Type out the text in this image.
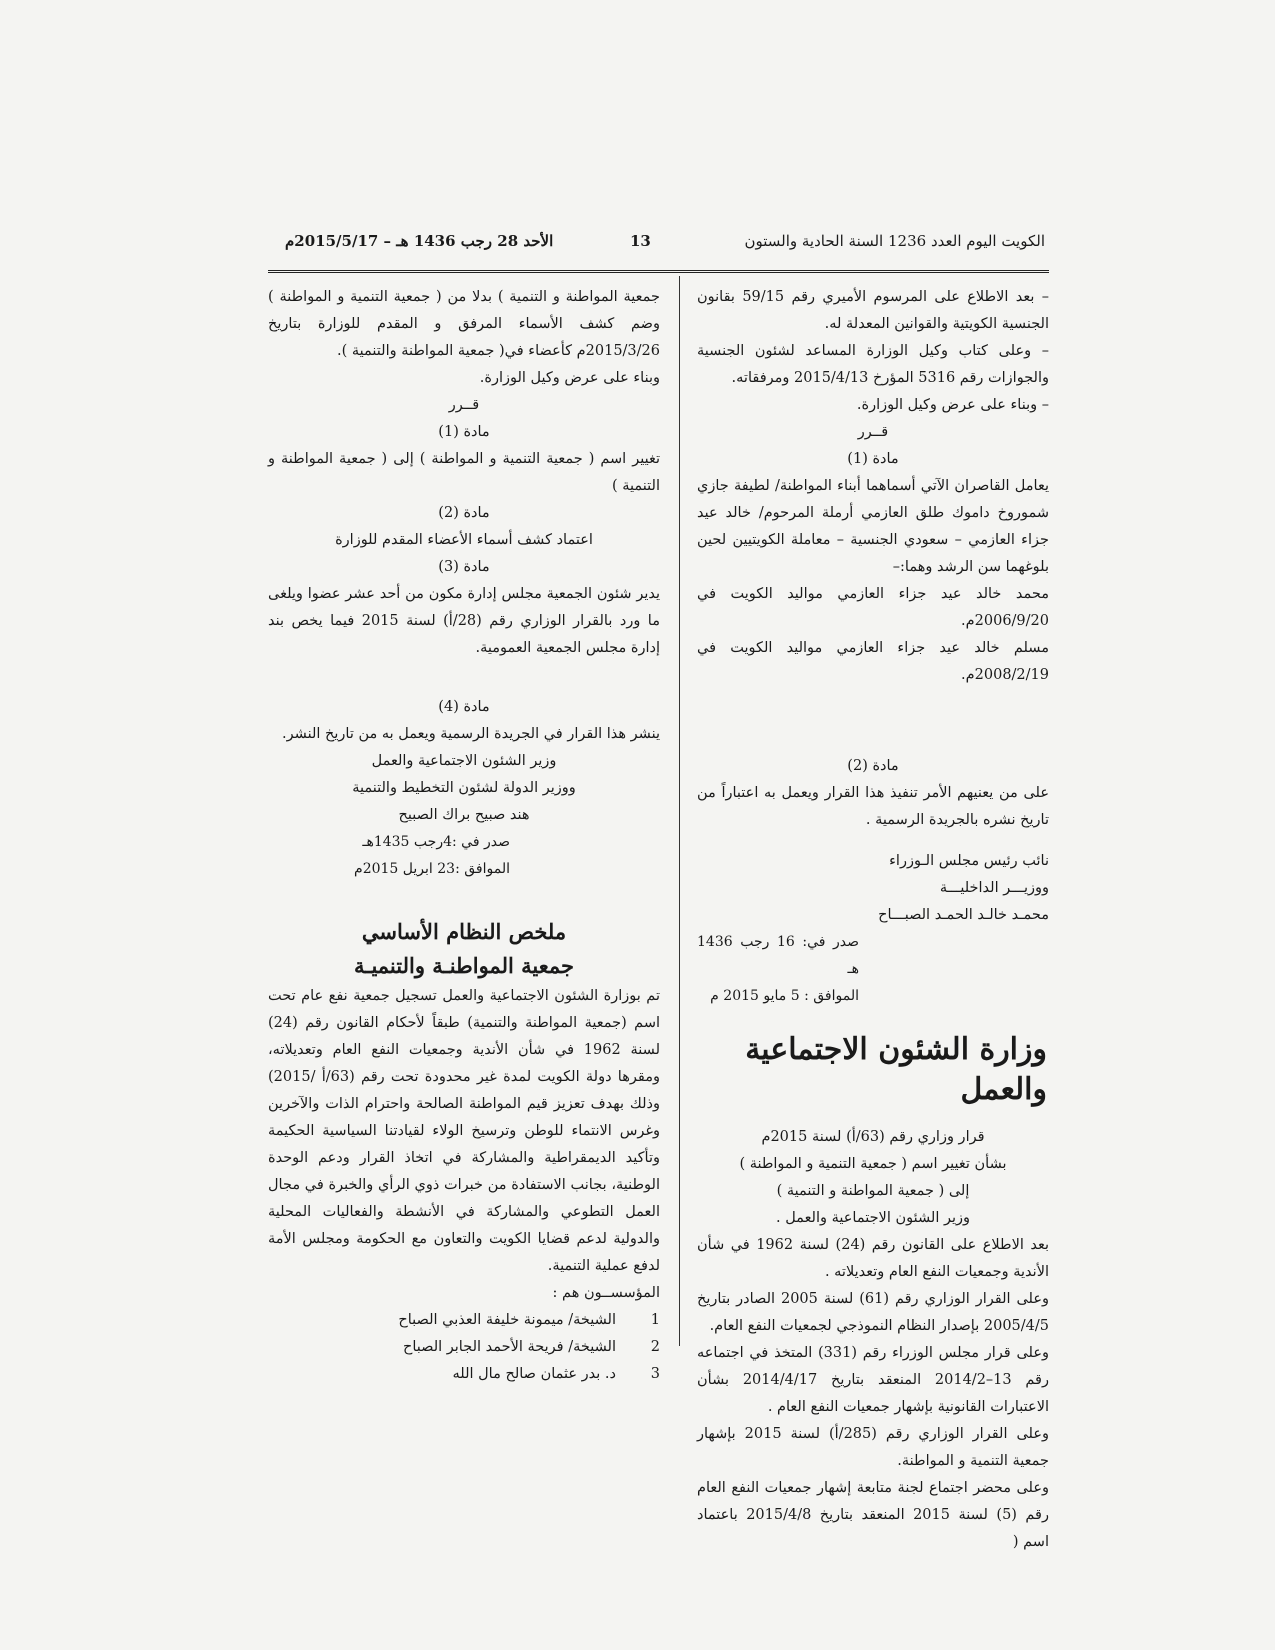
الكويت اليوم العدد 1236 السنة الحادية والستون
13
الأحد 28 رجب 1436 هـ – 2015/5/17م

– بعد الاطلاع على المرسوم الأميري رقم 59/15 بقانون الجنسية الكويتية والقوانين المعدلة له.

– وعلى كتاب وكيل الوزارة المساعد لشئون الجنسية والجوازات رقم 5316 المؤرخ 2015/4/13 ومرفقاته.

– وبناء على عرض وكيل الوزارة.

قــرر

مادة (1)

يعامل القاصران الآتي أسماهما أبناء المواطنة/ لطيفة جازي شموروخ داموك طلق العازمي أرملة المرحوم/ خالد عيد جزاء العازمي – سعودي الجنسية – معاملة الكويتيين لحين بلوغهما سن الرشد وهما:–

محمد خالد عيد جزاء العازمي مواليد الكويت في 2006/9/20م.

مسلم خالد عيد جزاء العازمي مواليد الكويت في 2008/2/19م.

مادة (2)

على من يعنيهم الأمر تنفيذ هذا القرار ويعمل به اعتباراً من تاريخ نشره بالجريدة الرسمية .

نائب رئيس مجلس الـوزراء

ووزيـــر الداخليـــة

محمـد خالـد الحمـد الصبـــاح

صدر في: 16 رجب 1436 هـ

الموافق : 5 مايو 2015 م

وزارة الشئون الاجتماعية والعمل

قرار وزاري رقم (63/أ) لسنة 2015م

بشأن تغيير اسم ( جمعية التنمية و المواطنة )

إلى ( جمعية المواطنة و التنمية )

وزير الشئون الاجتماعية والعمل .

بعد الاطلاع على القانون رقم (24) لسنة 1962 في شأن الأندية وجمعيات النفع العام وتعديلاته .

وعلى القرار الوزاري رقم (61) لسنة 2005 الصادر بتاريخ 2005/4/5 بإصدار النظام النموذجي لجمعيات النفع العام.

وعلى قرار مجلس الوزراء رقم (331) المتخذ في اجتماعه رقم 13–2014/2 المنعقد بتاريخ 2014/4/17 بشأن الاعتبارات القانونية بإشهار جمعيات النفع العام .

وعلى القرار الوزاري رقم (285/أ) لسنة 2015 بإشهار جمعية التنمية و المواطنة.

وعلى محضر اجتماع لجنة متابعة إشهار جمعيات النفع العام رقم (5) لسنة 2015 المنعقد بتاريخ 2015/4/8 باعتماد اسم (

جمعية المواطنة و التنمية ) بدلا من ( جمعية التنمية و المواطنة ) وضم كشف الأسماء المرفق و المقدم للوزارة بتاريخ 2015/3/26م كأعضاء في( جمعية المواطنة والتنمية ).

وبناء على عرض وكيل الوزارة.

قــرر

مادة (1)

تغيير اسم ( جمعية التنمية و المواطنة ) إلى ( جمعية المواطنة و التنمية )

مادة (2)

اعتماد كشف أسماء الأعضاء المقدم للوزارة

مادة (3)

يدير شئون الجمعية مجلس إدارة مكون من أحد عشر عضوا ويلغى ما ورد بالقرار الوزاري رقم (28/أ) لسنة 2015 فيما يخص بند إدارة مجلس الجمعية العمومية.

مادة (4)

ينشر هذا القرار في الجريدة الرسمية ويعمل به من تاريخ النشر.

وزير الشئون الاجتماعية والعمل

ووزير الدولة لشئون التخطيط والتنمية

هند صبيح براك الصبيح

صدر في :4رجب 1435هـ

الموافق :23 ابريل 2015م

ملخص النظام الأساسي
جمعية المواطنـة والتنميـة

تم بوزارة الشئون الاجتماعية والعمل تسجيل جمعية نفع عام تحت اسم (جمعية المواطنة والتنمية) طبقاً لأحكام القانون رقم (24) لسنة 1962 في شأن الأندية وجمعيات النفع العام وتعديلاته، ومقرها دولة الكويت لمدة غير محدودة تحت رقم (63/أ /2015) وذلك بهدف تعزيز قيم المواطنة الصالحة واحترام الذات والآخرين وغرس الانتماء للوطن وترسيخ الولاء لقيادتنا السياسية الحكيمة وتأكيد الديمقراطية والمشاركة في اتخاذ القرار ودعم الوحدة الوطنية، بجانب الاستفادة من خبرات ذوي الرأي والخبرة في مجال العمل التطوعي والمشاركة في الأنشطة والفعاليات المحلية والدولية لدعم قضايا الكويت والتعاون مع الحكومة ومجلس الأمة لدفع عملية التنمية.

المؤسســون هم :

1
الشيخة/ ميمونة خليفة العذبي الصباح
2
الشيخة/ فريحة الأحمد الجابر الصباح
3
د. بدر عثمان صالح مال الله
